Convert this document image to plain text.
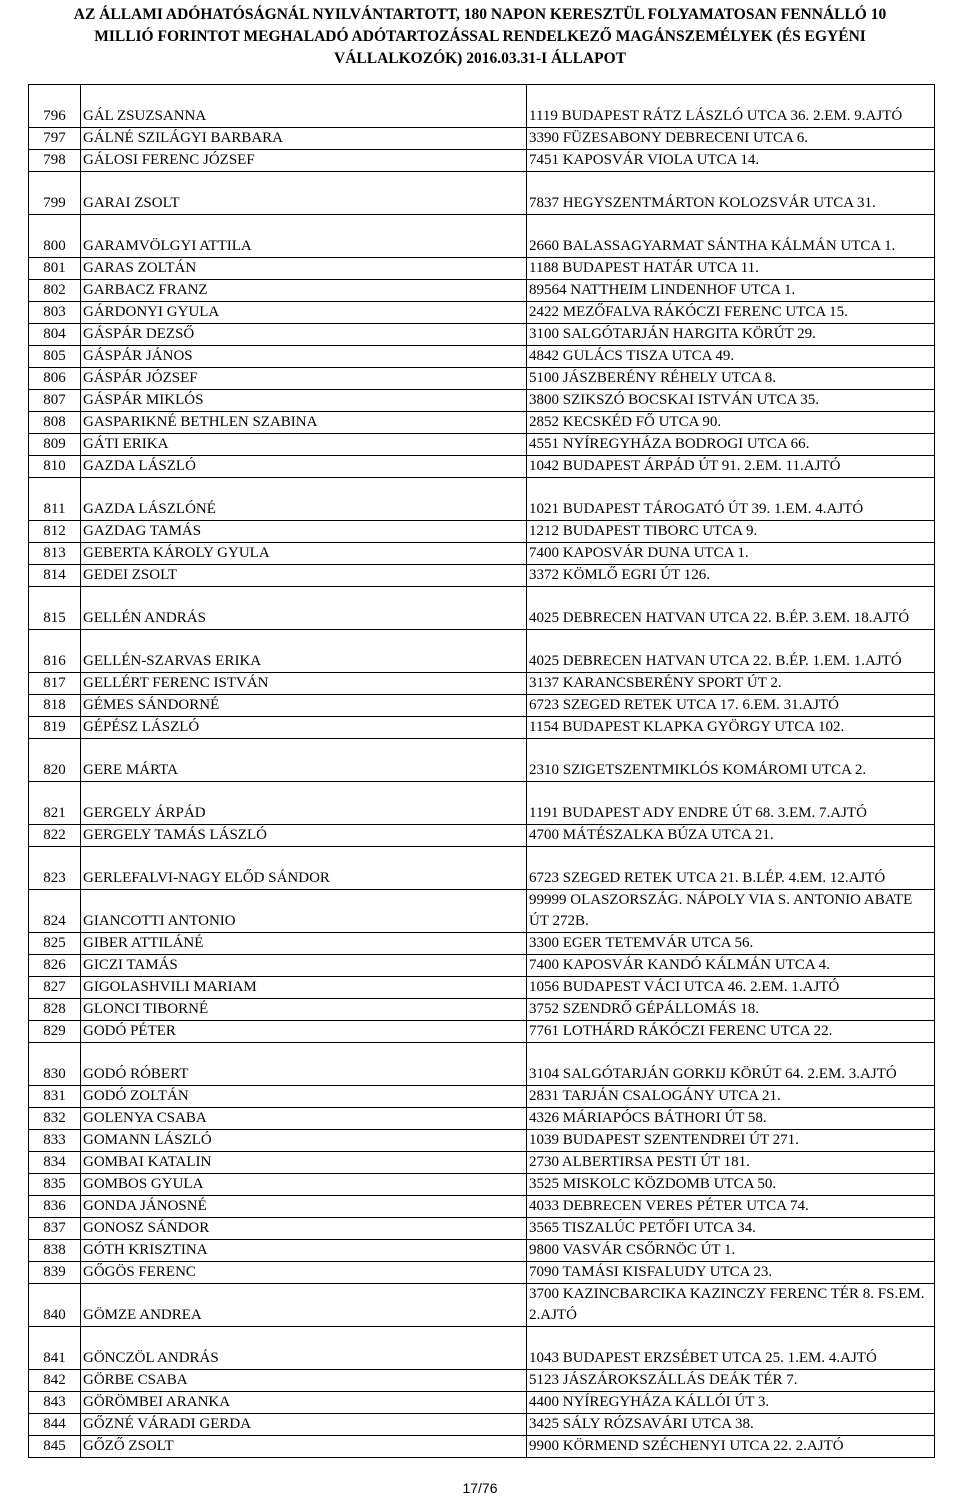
AZ ÁLLAMI ADÓHATÓSÁGNÁL NYILVÁNTARTOTT, 180 NAPON KERESZTÜL FOLYAMATOSAN FENNÁLLÓ 10
MILLIÓ FORINTOT MEGHALADÓ ADÓTARTOZÁSSAL RENDELKEZŐ MAGÁNSZEMÉLYEK (ÉS EGYÉNI
VÁLLALKOZÓK) 2016.03.31-I ÁLLAPOT
796	GÁL ZSUZSANNA	1119 BUDAPEST RÁTZ LÁSZLÓ UTCA 36. 2.EM. 9.AJTÓ
797	GÁLNÉ SZILÁGYI BARBARA	3390 FÜZESABONY DEBRECENI UTCA 6.
798	GÁLOSI FERENC JÓZSEF	7451 KAPOSVÁR VIOLA UTCA 14.
799	GARAI ZSOLT	7837 HEGYSZENTMÁRTON KOLOZSVÁR UTCA 31.
800	GARAMVÖLGYI ATTILA	2660 BALASSAGYARMAT SÁNTHA KÁLMÁN UTCA 1.
801	GARAS ZOLTÁN	1188 BUDAPEST HATÁR UTCA 11.
802	GARBACZ FRANZ	89564 NATTHEIM LINDENHOF UTCA 1.
803	GÁRDONYI GYULA	2422 MEZŐFALVA RÁKÓCZI FERENC UTCA 15.
804	GÁSPÁR DEZSŐ	3100 SALGÓTARJÁN HARGITA KÖRÚT 29.
805	GÁSPÁR JÁNOS	4842 GULÁCS TISZA UTCA 49.
806	GÁSPÁR JÓZSEF	5100 JÁSZBERÉNY RÉHELY UTCA 8.
807	GÁSPÁR MIKLÓS	3800 SZIKSZÓ BOCSKAI ISTVÁN UTCA 35.
808	GASPARIKNÉ BETHLEN SZABINA	2852 KECSKÉD FŐ UTCA 90.
809	GÁTI ERIKA	4551 NYÍREGYHÁZA BODROGI UTCA 66.
810	GAZDA LÁSZLÓ	1042 BUDAPEST ÁRPÁD ÚT 91. 2.EM. 11.AJTÓ
811	GAZDA LÁSZLÓNÉ	1021 BUDAPEST TÁROGATÓ ÚT 39. 1.EM. 4.AJTÓ
812	GAZDAG TAMÁS	1212 BUDAPEST TIBORC UTCA 9.
813	GEBERTA KÁROLY GYULA	7400 KAPOSVÁR DUNA UTCA 1.
814	GEDEI ZSOLT	3372 KÖMLŐ EGRI ÚT 126.
815	GELLÉN ANDRÁS	4025 DEBRECEN HATVAN UTCA 22. B.ÉP. 3.EM. 18.AJTÓ
816	GELLÉN-SZARVAS ERIKA	4025 DEBRECEN HATVAN UTCA 22. B.ÉP. 1.EM. 1.AJTÓ
817	GELLÉRT FERENC ISTVÁN	3137 KARANCSBERÉNY SPORT ÚT 2.
818	GÉMES SÁNDORNÉ	6723 SZEGED RETEK UTCA 17. 6.EM. 31.AJTÓ
819	GÉPÉSZ LÁSZLÓ	1154 BUDAPEST KLAPKA GYÖRGY UTCA 102.
820	GERE MÁRTA	2310 SZIGETSZENTMIKLÓS KOMÁROMI UTCA 2.
821	GERGELY ÁRPÁD	1191 BUDAPEST ADY ENDRE ÚT 68. 3.EM. 7.AJTÓ
822	GERGELY TAMÁS LÁSZLÓ	4700 MÁTÉSZALKA BÚZA UTCA 21.
823	GERLEFALVI-NAGY ELŐD SÁNDOR	6723 SZEGED RETEK UTCA 21. B.LÉP. 4.EM. 12.AJTÓ
824	GIANCOTTI ANTONIO	99999 OLASZORSZÁG. NÁPOLY VIA S. ANTONIO ABATE ÚT 272B.
825	GIBER ATTILÁNÉ	3300 EGER TETEMVÁR UTCA 56.
826	GICZI TAMÁS	7400 KAPOSVÁR KANDÓ KÁLMÁN UTCA 4.
827	GIGOLASHVILI MARIAM	1056 BUDAPEST VÁCI UTCA 46. 2.EM. 1.AJTÓ
828	GLONCI TIBORNÉ	3752 SZENDRŐ GÉPÁLLOMÁS 18.
829	GODÓ PÉTER	7761 LOTHÁRD RÁKÓCZI FERENC UTCA 22.
830	GODÓ RÓBERT	3104 SALGÓTARJÁN GORKIJ KÖRÚT 64. 2.EM. 3.AJTÓ
831	GODÓ ZOLTÁN	2831 TARJÁN CSALOGÁNY UTCA 21.
832	GOLENYA CSABA	4326 MÁRIAPÓCS BÁTHORI ÚT 58.
833	GOMANN LÁSZLÓ	1039 BUDAPEST SZENTENDREI ÚT 271.
834	GOMBAI KATALIN	2730 ALBERTIRSA PESTI ÚT 181.
835	GOMBOS GYULA	3525 MISKOLC KÖZDOMB UTCA 50.
836	GONDA JÁNOSNÉ	4033 DEBRECEN VERES PÉTER UTCA 74.
837	GONOSZ SÁNDOR	3565 TISZALÚC PETŐFI UTCA 34.
838	GÓTH KRISZTINA	9800 VASVÁR CSŐRNÖC ÚT 1.
839	GŐGÖS FERENC	7090 TAMÁSI KISFALUDY UTCA 23.
840	GÖMZE ANDREA	3700 KAZINCBARCIKA KAZINCZY FERENC TÉR 8. FS.EM. 2.AJTÓ
841	GÖNCZÖL ANDRÁS	1043 BUDAPEST ERZSÉBET UTCA 25. 1.EM. 4.AJTÓ
842	GÖRBE CSABA	5123 JÁSZÁROKSZÁLLÁS DEÁK TÉR 7.
843	GÖRÖMBEI ARANKA	4400 NYÍREGYHÁZA KÁLLÓI ÚT 3.
844	GŐZNÉ VÁRADI GERDA	3425 SÁLY RÓZSAVÁRI UTCA 38.
845	GŐZŐ ZSOLT	9900 KÖRMEND SZÉCHENYI UTCA 22. 2.AJTÓ
17/76
